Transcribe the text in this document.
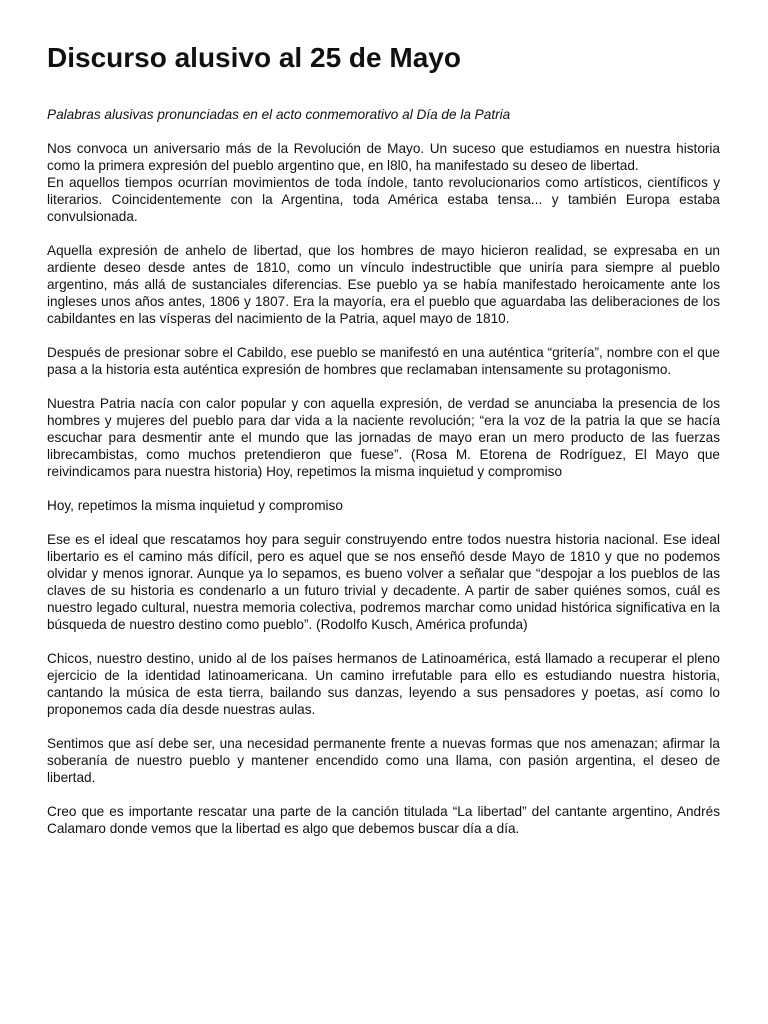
Discurso alusivo al 25 de Mayo

Palabras alusivas pronunciadas en el acto conmemorativo al Día de la Patria

Nos convoca un aniversario más de la Revolución de Mayo. Un suceso que estudiamos en nuestra historia como la primera expresión del pueblo argentino que, en l8l0, ha manifestado su deseo de libertad.

En aquellos tiempos ocurrían movimientos de toda índole, tanto revolucionarios como artísticos, científicos y literarios. Coincidentemente con la Argentina, toda América estaba tensa... y también Europa estaba convulsionada.

Aquella expresión de anhelo de libertad, que los hombres de mayo hicieron realidad, se expresaba en un ardiente deseo desde antes de 1810, como un vínculo indestructible que uniría para siempre al pueblo argentino, más allá de sustanciales diferencias. Ese pueblo ya se había manifestado heroicamente ante los ingleses unos años antes, 1806 y 1807. Era la mayoría, era el pueblo que aguardaba las deliberaciones de los cabildantes en las vísperas del nacimiento de la Patria, aquel mayo de 1810.

Después de presionar sobre el Cabildo, ese pueblo se manifestó en una auténtica “gritería”, nombre con el que pasa a la historia esta auténtica expresión de hombres que reclamaban intensamente su protagonismo.

Nuestra Patria nacía con calor popular y con aquella expresión, de verdad se anunciaba la presencia de los hombres y mujeres del pueblo para dar vida a la naciente revolución; “era la voz de la patria la que se hacía escuchar para desmentir ante el mundo que las jornadas de mayo eran un mero producto de las fuerzas librecambistas, como muchos pretendieron que fuese”. (Rosa M. Etorena de Rodríguez, El Mayo que reivindicamos para nuestra historia) Hoy, repetimos la misma inquietud y compromiso

Hoy, repetimos la misma inquietud y compromiso

Ese es el ideal que rescatamos hoy para seguir construyendo entre todos nuestra historia nacional. Ese ideal libertario es el camino más difícil, pero es aquel que se nos enseñó desde Mayo de 1810 y que no podemos olvidar y menos ignorar. Aunque ya lo sepamos, es bueno volver a señalar que “despojar a los pueblos de las claves de su historia es condenarlo a un futuro trivial y decadente. A partir de saber quiénes somos, cuál es nuestro legado cultural, nuestra memoria colectiva, podremos marchar como unidad histórica significativa en la búsqueda de nuestro destino como pueblo”. (Rodolfo Kusch, América profunda)

Chicos, nuestro destino, unido al de los países hermanos de Latinoamérica, está llamado a recuperar el pleno ejercicio de la identidad latinoamericana. Un camino irrefutable para ello es estudiando nuestra historia, cantando la música de esta tierra, bailando sus danzas, leyendo a sus pensadores y poetas, así como lo proponemos cada día desde nuestras aulas.

Sentimos que así debe ser, una necesidad permanente frente a nuevas formas que nos amenazan; afirmar la soberanía de nuestro pueblo y mantener encendido como una llama, con pasión argentina, el deseo de libertad.

Creo que es importante rescatar una parte de la canción titulada “La libertad” del cantante argentino, Andrés Calamaro donde vemos que la libertad es algo que debemos buscar día a día.
